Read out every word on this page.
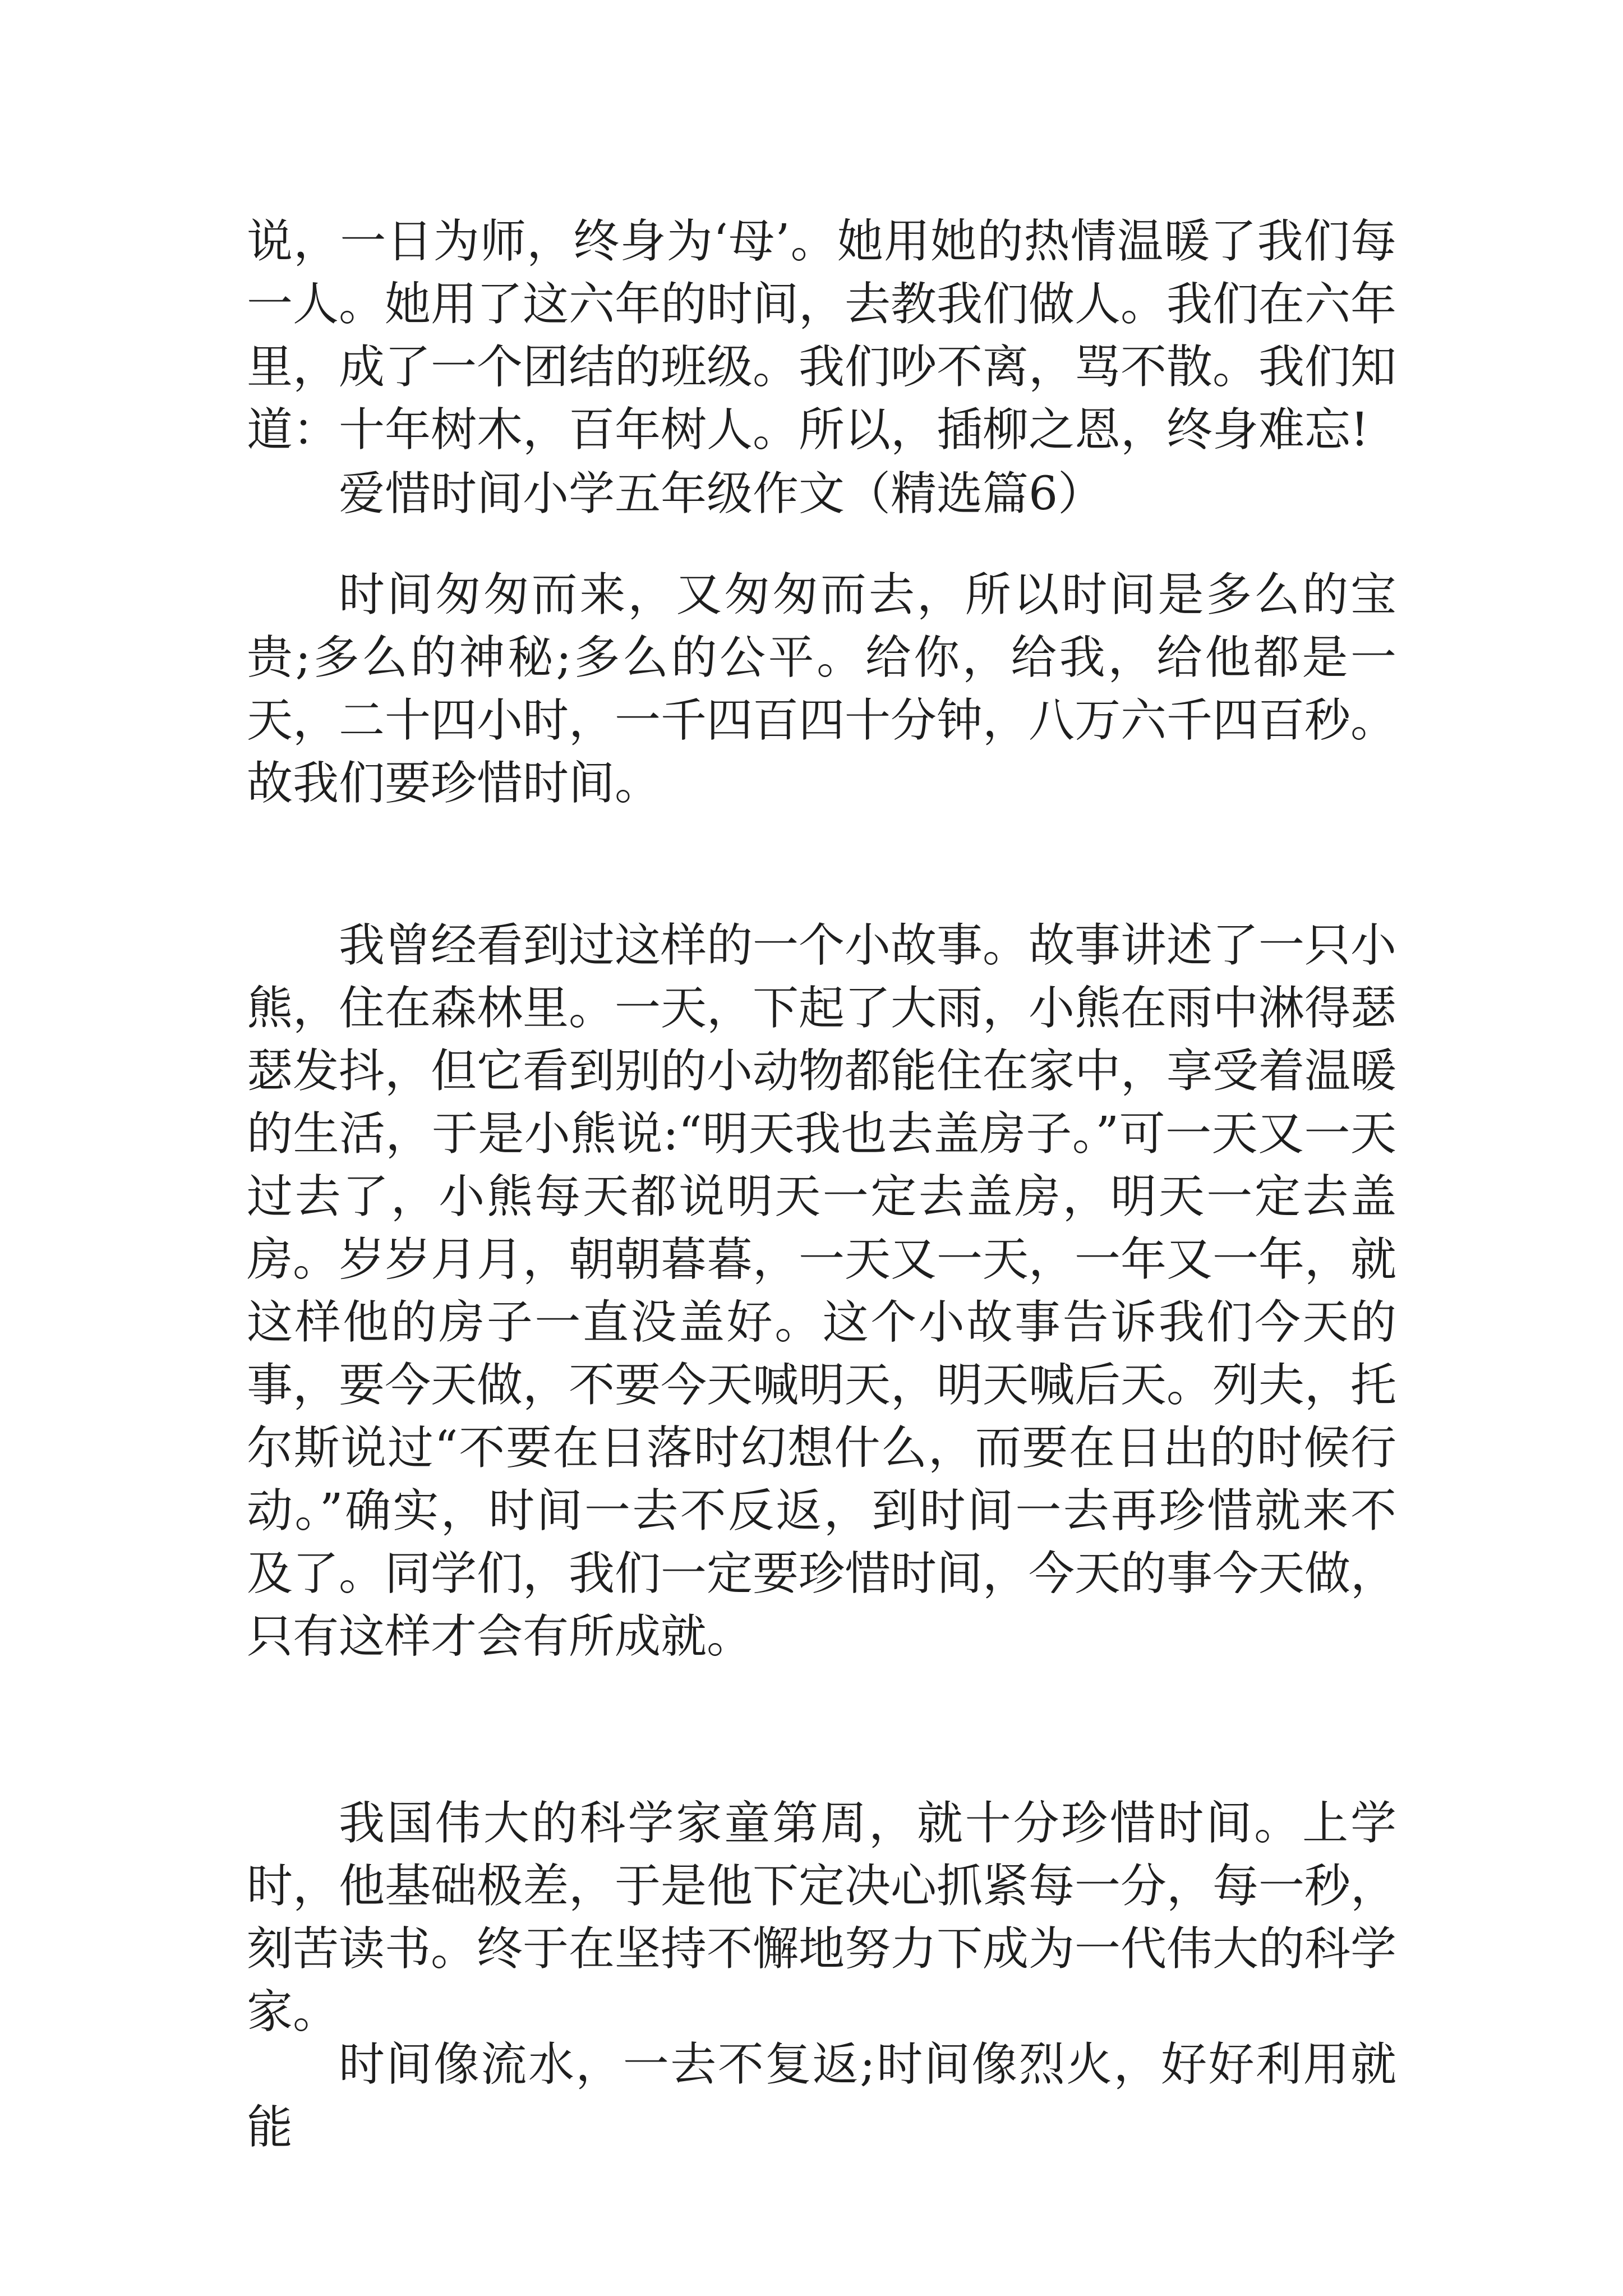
说，一日为师，终身为‘母’。她用她的热情温暖了我们每一人。她用了这六年的时间，去教我们做人。我们在六年里，成了一个团结的班级。我们吵不离，骂不散。我们知道：十年树木，百年树人。所以，插柳之恩，终身难忘!

爱惜时间小学五年级作文（精选篇6）

时间匆匆而来，又匆匆而去，所以时间是多么的宝贵;多么的神秘;多么的公平。给你，给我，给他都是一天，二十四小时，一千四百四十分钟，八万六千四百秒。故我们要珍惜时间。

我曾经看到过这样的一个小故事。故事讲述了一只小熊，住在森林里。一天，下起了大雨，小熊在雨中淋得瑟瑟发抖，但它看到别的小动物都能住在家中，享受着温暖的生活，于是小熊说:“明天我也去盖房子。”可一天又一天过去了，小熊每天都说明天一定去盖房，明天一定去盖房。岁岁月月，朝朝暮暮，一天又一天，一年又一年，就这样他的房子一直没盖好。这个小故事告诉我们今天的事，要今天做，不要今天喊明天，明天喊后天。列夫，托尔斯说过“不要在日落时幻想什么，而要在日出的时候行动。”确实，时间一去不反返，到时间一去再珍惜就来不及了。同学们，我们一定要珍惜时间，今天的事今天做，只有这样才会有所成就。

我国伟大的科学家童第周，就十分珍惜时间。上学时，他基础极差，于是他下定决心抓紧每一分，每一秒，刻苦读书。终于在坚持不懈地努力下成为一代伟大的科学家。

时间像流水，一去不复返;时间像烈火，好好利用就能
